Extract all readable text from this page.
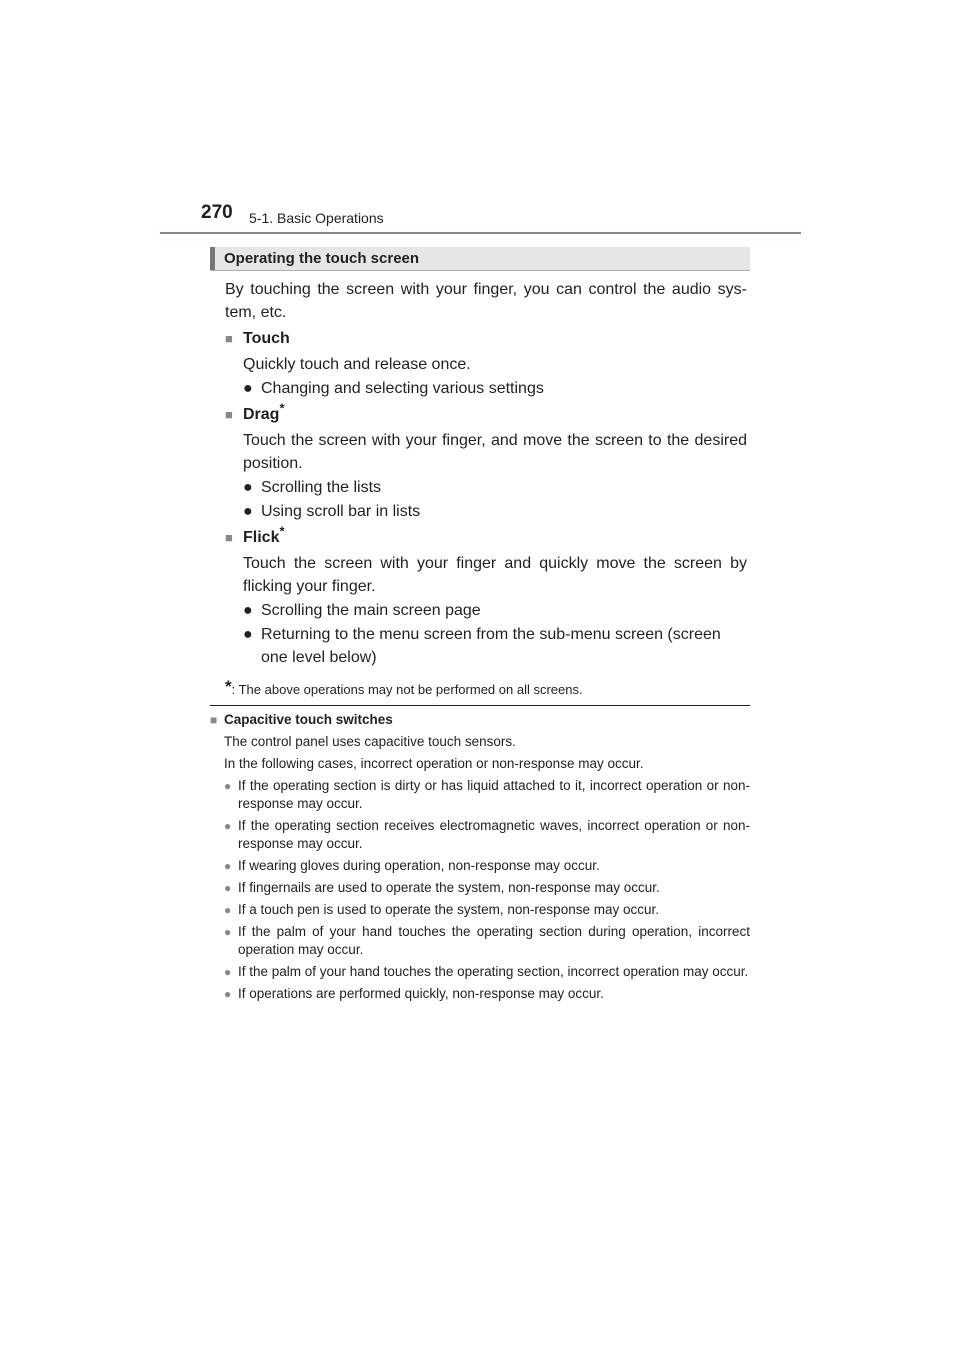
270 5-1. Basic Operations
Operating the touch screen

By touching the screen with your finger, you can control the audio sys- tem, etc.

■ Touch

Quickly touch and release once.

● Changing and selecting various settings

■ Drag*

Touch the screen with your finger, and move the screen to the desired position.

● Scrolling the lists

● Using scroll bar in lists

■ Flick*

Touch the screen with your finger and quickly move the screen by flicking your finger.

● Scrolling the main screen page

● Returning to the menu screen from the sub-menu screen (screen one level below)

*: The above operations may not be performed on all screens.

■ Capacitive touch switches

The control panel uses capacitive touch sensors.

In the following cases, incorrect operation or non-response may occur.

● If the operating section is dirty or has liquid attached to it, incorrect operation or non-response may occur.

● If the operating section receives electromagnetic waves, incorrect operation or non-response may occur.

● If wearing gloves during operation, non-response may occur.

● If fingernails are used to operate the system, non-response may occur.

● If a touch pen is used to operate the system, non-response may occur.

● If the palm of your hand touches the operating section during operation, incorrect operation may occur.

● If the palm of your hand touches the operating section, incorrect operation may occur.

● If operations are performed quickly, non-response may occur.
